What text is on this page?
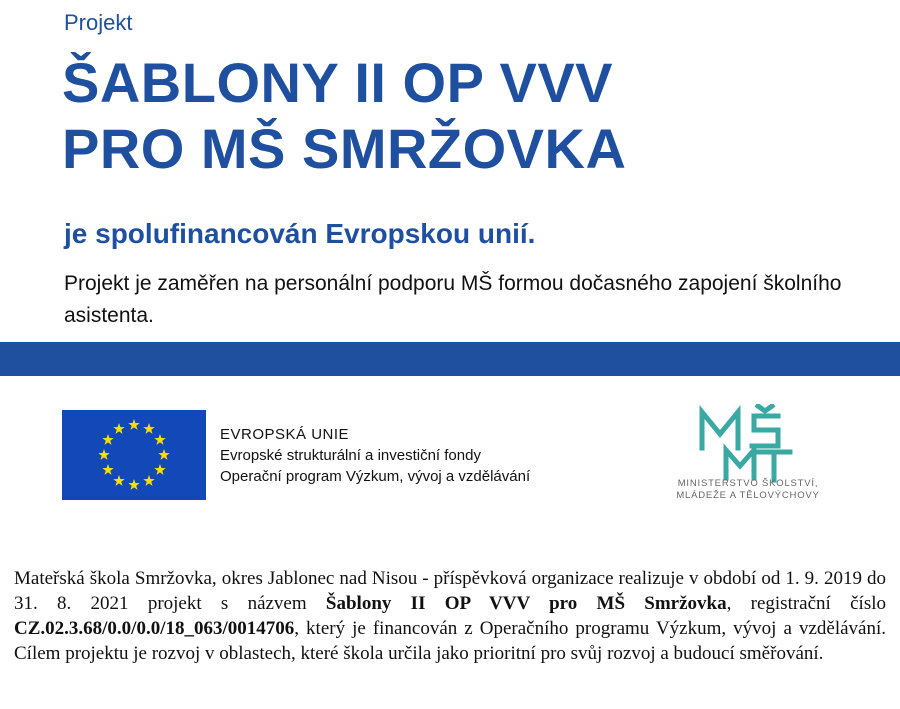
Projekt
ŠABLONY II OP VVV
PRO MŠ SMRŽOVKA
je spolufinancován Evropskou unií.
Projekt je zaměřen na personální podporu MŠ formou dočasného zapojení školního asistenta.
EVROPSKÁ UNIE
Evropské strukturální a investiční fondy
Operační program Výzkum, vývoj a vzdělávání	MINISTERSTVO ŠKOLSTVÍ,
MLÁDEŽE A TĚLOVÝCHOVY
Mateřská škola Smržovka, okres Jablonec nad Nisou - příspěvková organizace realizuje v období od 1. 9. 2019 do 31. 8. 2021 projekt s názvem Šablony II OP VVV pro MŠ Smržovka, registrační číslo CZ.02.3.68/0.0/0.0/18_063/0014706, který je financován z Operačního programu Výzkum, vývoj a vzdělávání. Cílem projektu je rozvoj v oblastech, které škola určila jako prioritní pro svůj rozvoj a budoucí směřování.
